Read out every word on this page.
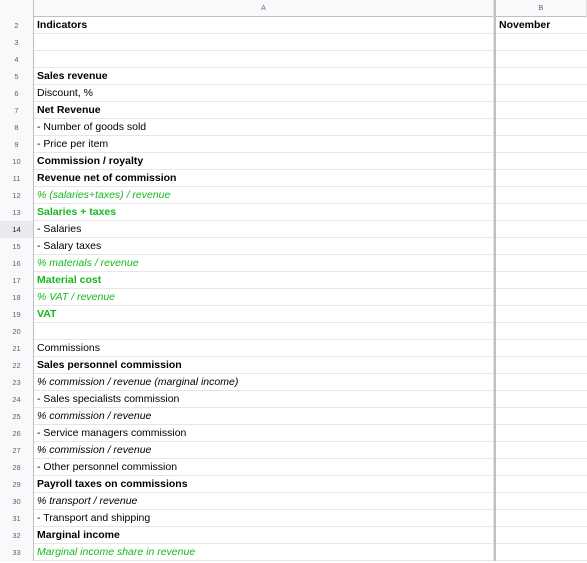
A	B
2	Indicators	November
3
4
5	Sales revenue
6	Discount, %
7	Net Revenue
8	- Number of goods sold
9	- Price per item
10	Commission / royalty
11	Revenue net of commission
12	% (salaries+taxes) / revenue
13	Salaries + taxes
14	- Salaries
15	- Salary taxes
16	% materials / revenue
17	Material cost
18	% VAT / revenue
19	VAT
20
21	Commissions
22	Sales personnel commission
23	% commission / revenue (marginal income)
24	- Sales specialists commission
25	% commission / revenue
26	- Service managers commission
27	% commission / revenue
28	- Other personnel commission
29	Payroll taxes on commissions
30	% transport / revenue
31	- Transport and shipping
32	Marginal income
33	Marginal income share in revenue
